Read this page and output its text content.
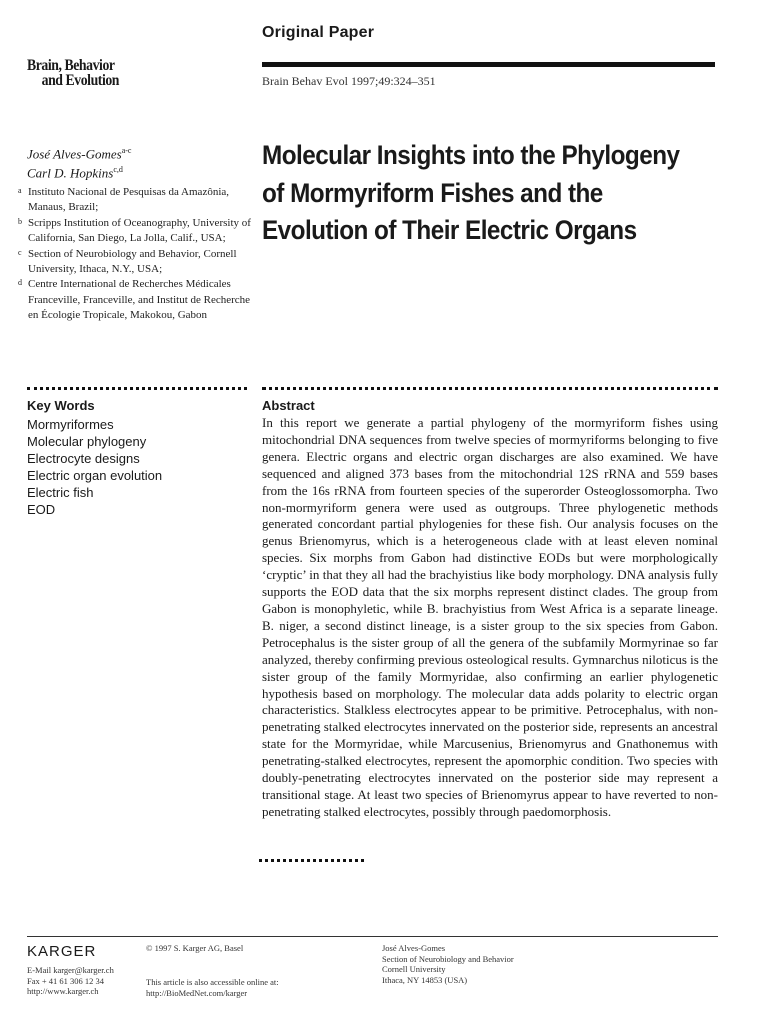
Original Paper
Brain, Behavior
and Evolution	Brain Behav Evol 1997;49:324–351
José Alves-Gomes$^{a-c}$
Carl D. Hopkins$^{c,d}$
a Instituto Nacional de Pesquisas da Amazônia, Manaus, Brazil;
b Scripps Institution of Oceanography, University of California, San Diego, La Jolla, Calif., USA;
c Section of Neurobiology and Behavior, Cornell University, Ithaca, N.Y., USA;
d Centre International de Recherches Médicales Franceville, Franceville, and Institut de Recherche en Écologie Tropicale, Makokou, Gabon
Molecular Insights into the Phylogeny of Mormyriform Fishes and the Evolution of Their Electric Organs
Key Words
Mormyriformes
Molecular phylogeny
Electrocyte designs
Electric organ evolution
Electric fish
EOD
Abstract

In this report we generate a partial phylogeny of the mormyriform fishes using mitochondrial DNA sequences from twelve species of mormyriforms belonging to five genera. Electric organs and electric organ discharges are also examined. We have sequenced and aligned 373 bases from the mitochondrial 12S rRNA and 559 bases from the 16s rRNA from fourteen species of the superorder Osteoglossomorpha. Two non-mormyriform genera were used as outgroups. Three phylogenetic methods generated concordant partial phylogenies for these fish. Our analysis focuses on the genus Brienomyrus, which is a heterogeneous clade with at least eleven nominal species. Six morphs from Gabon had distinctive EODs but were morphologically ‘cryptic’ in that they all had the brachyistius like body morphology. DNA analysis fully supports the EOD data that the six morphs represent distinct clades. The group from Gabon is monophyletic, while B. brachyistius from West Africa is a separate lineage. B. niger, a second distinct lineage, is a sister group to the six species from Gabon. Petrocephalus is the sister group of all the genera of the subfamily Mormyrinae so far analyzed, thereby confirming previous osteological results. Gymnarchus niloticus is the sister group of the family Mormyridae, also confirming an earlier phylogenetic hypothesis based on morphology. The molecular data adds polarity to electric organ characteristics. Stalkless electrocytes appear to be primitive. Petrocephalus, with non-penetrating stalked electrocytes innervated on the posterior side, represents an ancestral state for the Mormyridae, while Marcusenius, Brienomyrus and Gnathonemus with penetrating-stalked electrocytes, represent the apomorphic condition. Two species with doubly-penetrating electrocytes innervated on the posterior side may represent a transitional stage. At least two species of Brienomyrus appear to have reverted to non-penetrating stalked electrocytes, possibly through paedomorphosis.

KARGER
E-Mail karger@karger.ch
Fax + 41 61 306 12 34
http://www.karger.ch
© 1997 S. Karger AG, Basel
This article is also accessible online at:
http://BioMedNet.com/karger
José Alves-Gomes
Section of Neurobiology and Behavior
Cornell University
Ithaca, NY 14853 (USA)
